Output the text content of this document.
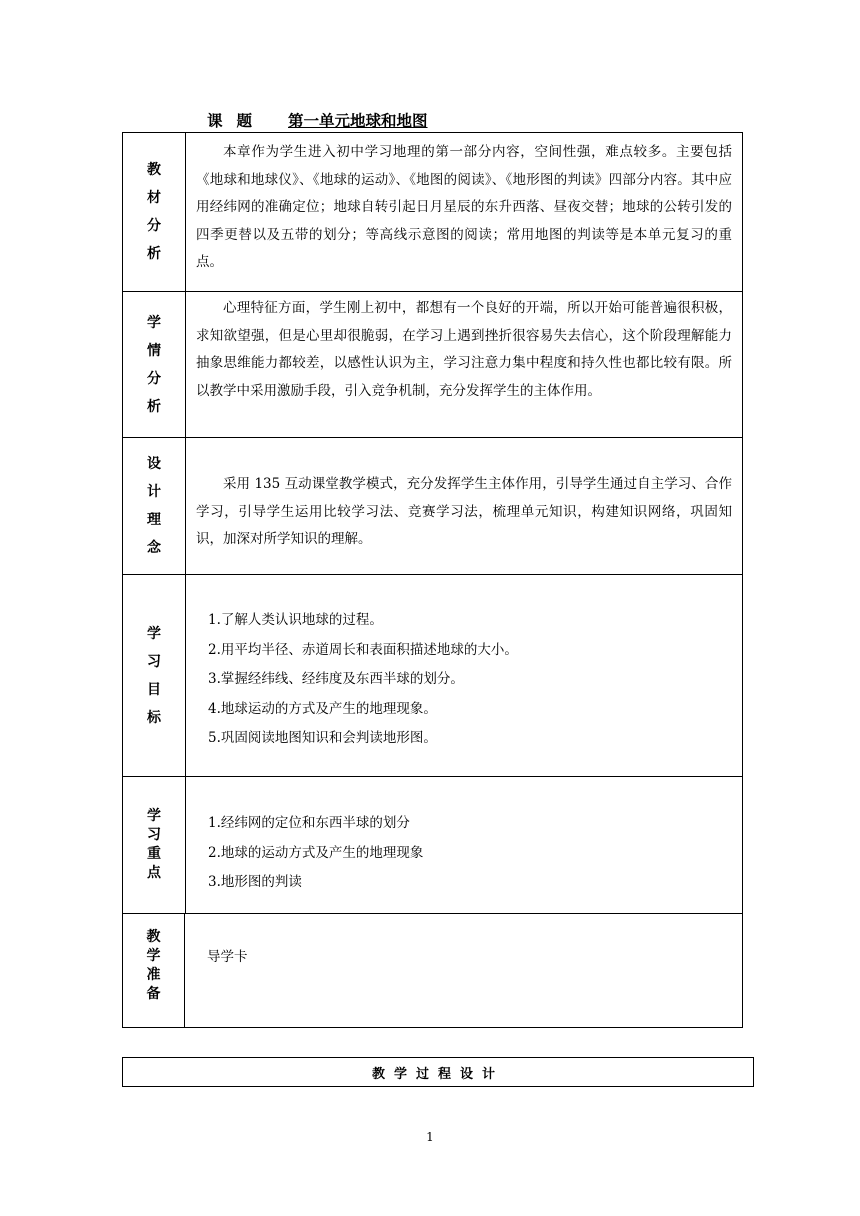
课题 第一单元地球和地图
教材分析

本章作为学生进入初中学习地理的第一部分内容，空间性强，难点较多。主要包括《地球和地球仪》、《地球的运动》、《地图的阅读》、《地形图的判读》四部分内容。其中应用经纬网的准确定位；地球自转引起日月星辰的东升西落、昼夜交替；地球的公转引发的四季更替以及五带的划分；等高线示意图的阅读；常用地图的判读等是本单元复习的重点。

学情分析

心理特征方面，学生刚上初中，都想有一个良好的开端，所以开始可能普遍很积极，求知欲望强，但是心里却很脆弱，在学习上遇到挫折很容易失去信心，这个阶段理解能力抽象思维能力都较差，以感性认识为主，学习注意力集中程度和持久性也都比较有限。所以教学中采用激励手段，引入竞争机制，充分发挥学生的主体作用。

设计理念

采用 135 互动课堂教学模式，充分发挥学生主体作用，引导学生通过自主学习、合作学习，引导学生运用比较学习法、竞赛学习法，梳理单元知识，构建知识网络，巩固知识，加深对所学知识的理解。

学习目标
1.了解人类认识地球的过程。
2.用平均半径、赤道周长和表面积描述地球的大小。
3.掌握经纬线、经纬度及东西半球的划分。
4.地球运动的方式及产生的地理现象。
5.巩固阅读地图知识和会判读地形图。
学习重点
1.经纬网的定位和东西半球的划分
2.地球的运动方式及产生的地理现象
3.地形图的判读
教学准备
导学卡
教学过程设计
1
